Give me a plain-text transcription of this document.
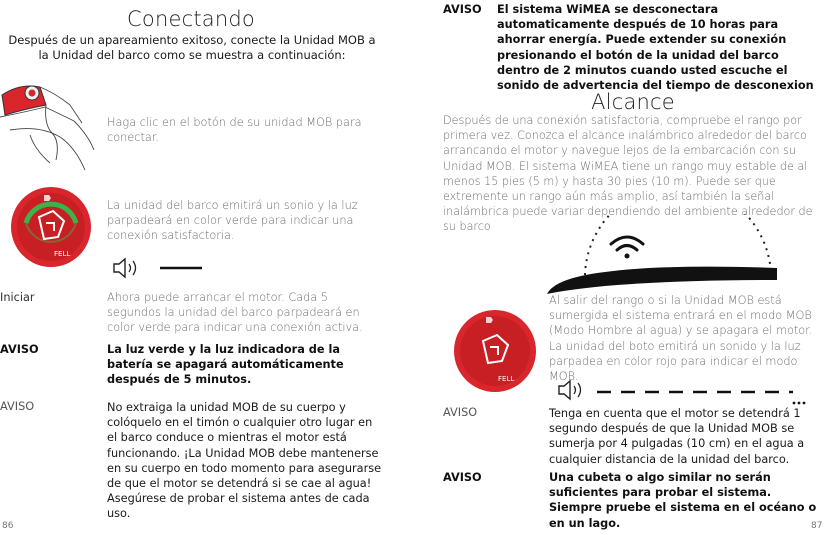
Conectando
Después de un apareamiento exitoso, conecte la Unidad MOB a la Unidad del barco como se muestra a continuación:
Haga clic en el botón de su unidad MOB para conectar.
FELL
La unidad del barco emitirá un sonio y la luz parpadeará en color verde para indicar una conexión satisfactoria.
Iniciar	Ahora puede arrancar el motor. Cada 5 segundos la unidad del barco parpadeará en color verde para indicar una conexión activa.
AVISO	La luz verde y la luz indicadora de la batería se apagará automáticamente después de 5 minutos.
AVISO	No extraiga la unidad MOB de su cuerpo y colóquelo en el timón o cualquier otro lugar en el barco conduce o mientras el motor está funcionando. ¡La Unidad MOB debe mantenerse en su cuerpo en todo momento para asegurarse de que el motor se detendrá si se cae al agua! Asegúrese de probar el sistema antes de cada uso.
86
AVISO El sistema WiMEA se desconectara automaticamente después de 10 horas para ahorrar energía. Puede extender su conexión presionando el botón de la unidad del barco dentro de 2 minutos cuando usted escuche el sonido de advertencia del tiempo de desconexion
Alcance
Después de una conexión satisfactoria, compruebe el rango por primera vez. Conozca el alcance inalámbrico alrededor del barco arrancando el motor y navegue lejos de la embarcación con su Unidad MOB. El sistema WiMEA tiene un rango muy estable de al menos 15 pies (5 m) y hasta 30 pies (10 m). Puede ser que extremente un rango aún más amplio, así también la señal inalámbrica puede variar dependiendo del ambiente alrededor de su barco
FELL
Al salir del rango o si la Unidad MOB está sumergida el sistema entrará en el modo MOB (Modo Hombre al agua) y se apagara el motor. La unidad del boto emitirá un sonido y la luz parpadea en color rojo para indicar el modo MOB.
AVISO	Tenga en cuenta que el motor se detendrá 1 segundo después de que la Unidad MOB se sumerja por 4 pulgadas (10 cm) en el agua a cualquier distancia de la unidad del barco.
AVISO	Una cubeta o algo similar no serán suficientes para probar el sistema. Siempre pruebe el sistema en el océano o en un lago.	87
